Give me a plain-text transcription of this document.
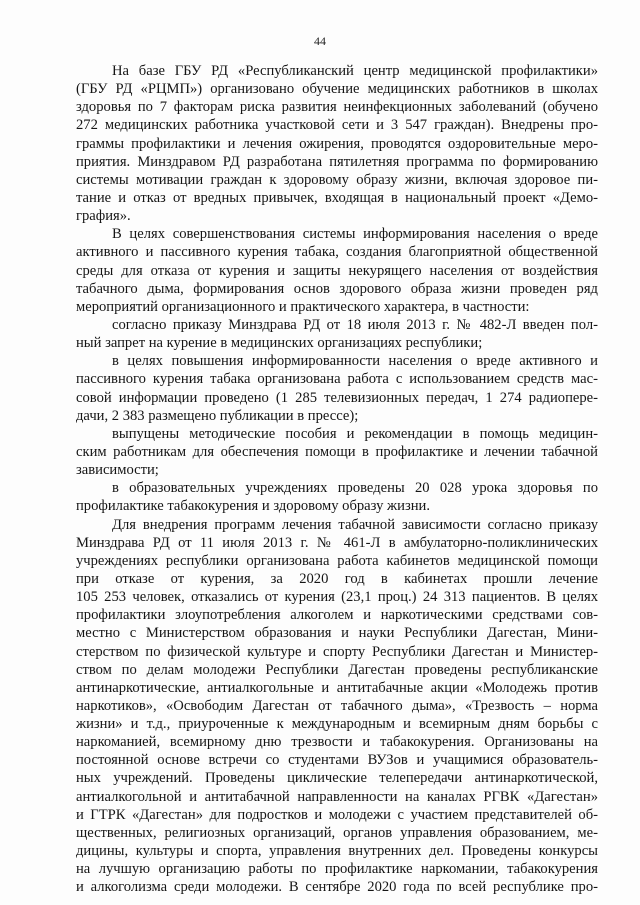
44
На базе ГБУ РД «Республиканский центр медицинской профилактики»
(ГБУ РД «РЦМП») организовано обучение медицинских работников в школах
здоровья по 7 факторам риска развития неинфекционных заболеваний (обучено
272 медицинских работника участковой сети и 3 547 граждан). Внедрены про-
граммы профилактики и лечения ожирения, проводятся оздоровительные меро-
приятия. Минздравом РД разработана пятилетняя программа по формированию
системы мотивации граждан к здоровому образу жизни, включая здоровое пи-
тание и отказ от вредных привычек, входящая в национальный проект «Демо-
графия».
В целях совершенствования системы информирования населения о вреде
активного и пассивного курения табака, создания благоприятной общественной
среды для отказа от курения и защиты некурящего населения от воздействия
табачного дыма, формирования основ здорового образа жизни проведен ряд
мероприятий организационного и практического характера, в частности:
согласно приказу Минздрава РД от 18 июля 2013 г. № 482-Л введен пол-
ный запрет на курение в медицинских организациях республики;
в целях повышения информированности населения о вреде активного и
пассивного курения табака организована работа с использованием средств мас-
совой информации проведено (1 285 телевизионных передач, 1 274 радиопере-
дачи, 2 383 размещено публикации в прессе);
выпущены методические пособия и рекомендации в помощь медицин-
ским работникам для обеспечения помощи в профилактике и лечении табачной
зависимости;
в образовательных учреждениях проведены 20 028 урока здоровья по
профилактике табакокурения и здоровому образу жизни.
Для внедрения программ лечения табачной зависимости согласно приказу
Минздрава РД от 11 июля 2013 г. № 461-Л в амбулаторно-поликлинических
учреждениях республики организована работа кабинетов медицинской помощи
при отказе от курения, за 2020 год в кабинетах прошли лечение
105 253 человек, отказались от курения (23,1 проц.) 24 313 пациентов. В целях
профилактики злоупотребления алкоголем и наркотическими средствами сов-
местно с Министерством образования и науки Республики Дагестан, Мини-
стерством по физической культуре и спорту Республики Дагестан и Министер-
ством по делам молодежи Республики Дагестан проведены республиканские
антинаркотические, антиалкогольные и антитабачные акции «Молодежь против
наркотиков», «Освободим Дагестан от табачного дыма», «Трезвость – норма
жизни» и т.д., приуроченные к международным и всемирным дням борьбы с
наркоманией, всемирному дню трезвости и табакокурения. Организованы на
постоянной основе встречи со студентами ВУЗов и учащимися образователь-
ных учреждений. Проведены циклические телепередачи антинаркотической,
антиалкогольной и антитабачной направленности на каналах РГВК «Дагестан»
и ГТРК «Дагестан» для подростков и молодежи с участием представителей об-
щественных, религиозных организаций, органов управления образованием, ме-
дицины, культуры и спорта, управления внутренних дел. Проведены конкурсы
на лучшую организацию работы по профилактике наркомании, табакокурения
и алкоголизма среди молодежи. В сентябре 2020 года по всей республике про-
